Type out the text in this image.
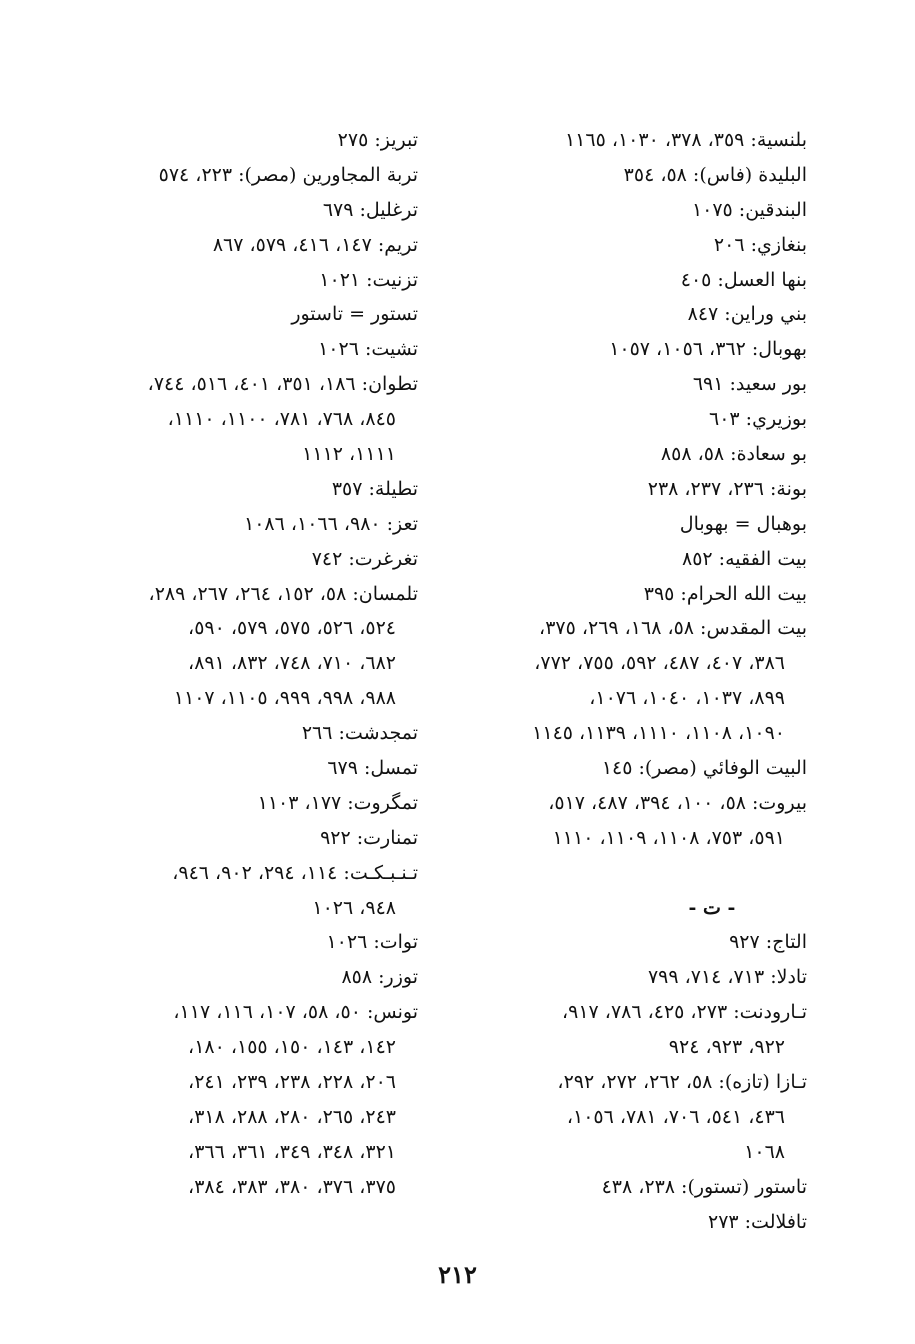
بلنسية: ٣٥٩، ٣٧٨، ١٠٣٠، ١١٦٥
البليدة (فاس): ٥٨، ٣٥٤
البندقين: ١٠٧٥
بنغازي: ٢٠٦
بنها العسل: ٤٠٥
بني وراين: ٨٤٧
بهوبال: ٣٦٢، ١٠٥٦، ١٠٥٧
بور سعيد: ٦٩١
بوزيري: ٦٠٣
بو سعادة: ٥٨، ٨٥٨
بونة: ٢٣٦، ٢٣٧، ٢٣٨
بوهبال = بهوبال
بيت الفقيه: ٨٥٢
بيت الله الحرام: ٣٩٥
بيت المقدس: ٥٨، ١٦٨، ٢٦٩، ٣٧٥،
٣٨٦، ٤٠٧، ٤٨٧، ٥٩٢، ٧٥٥، ٧٧٢،
٨٩٩، ١٠٣٧، ١٠٤٠، ١٠٧٦،
١٠٩٠، ١١٠٨، ١١١٠، ١١٣٩، ١١٤٥
البيت الوفائي (مصر): ١٤٥
بيروت: ٥٨، ١٠٠، ٣٩٤، ٤٨٧، ٥١٧،
٥٩١، ٧٥٣، ١١٠٨، ١١٠٩، ١١١٠
- ت -
التاج: ٩٢٧
تادلا: ٧١٣، ٧١٤، ٧٩٩
تـارودنت: ٢٧٣، ٤٢٥، ٧٨٦، ٩١٧،
٩٢٢، ٩٢٣، ٩٢٤
تـازا (تازه): ٥٨، ٢٦٢، ٢٧٢، ٢٩٢،
٤٣٦، ٥٤١، ٧٠٦، ٧٨١، ١٠٥٦،
١٠٦٨
تاستور (تستور): ٢٣٨، ٤٣٨
تافلالت: ٢٧٣
تبريز: ٢٧٥
تربة المجاورين (مصر): ٢٢٣، ٥٧٤
ترغليل: ٦٧٩
تريم: ١٤٧، ٤١٦، ٥٧٩، ٨٦٧
تزنيت: ١٠٢١
تستور = تاستور
تشيت: ١٠٢٦
تطوان: ١٨٦، ٣٥١، ٤٠١، ٥١٦، ٧٤٤،
٨٤٥، ٧٦٨، ٧٨١، ١١٠٠، ١١١٠،
١١١١، ١١١٢
تطيلة: ٣٥٧
تعز: ٩٨٠، ١٠٦٦، ١٠٨٦
تغرغرت: ٧٤٢
تلمسان: ٥٨، ١٥٢، ٢٦٤، ٢٦٧، ٢٨٩،
٥٢٤، ٥٢٦، ٥٧٥، ٥٧٩، ٥٩٠،
٦٨٢، ٧١٠، ٧٤٨، ٨٣٢، ٨٩١،
٩٨٨، ٩٩٨، ٩٩٩، ١١٠٥، ١١٠٧
تمجدشت: ٢٦٦
تمسل: ٦٧٩
تمگروت: ١٧٧، ١١٠٣
تمنارت: ٩٢٢
تـنـبـكـت: ١١٤، ٢٩٤، ٩٠٢، ٩٤٦،
٩٤٨، ١٠٢٦
توات: ١٠٢٦
توزر: ٨٥٨
تونس: ٥٠، ٥٨، ١٠٧، ١١٦، ١١٧،
١٤٢، ١٤٣، ١٥٠، ١٥٥، ١٨٠،
٢٠٦، ٢٢٨، ٢٣٨، ٢٣٩، ٢٤١،
٢٤٣، ٢٦٥، ٢٨٠، ٢٨٨، ٣١٨،
٣٢١، ٣٤٨، ٣٤٩، ٣٦١، ٣٦٦،
٣٧٥، ٣٧٦، ٣٨٠، ٣٨٣، ٣٨٤،
٢١٢
